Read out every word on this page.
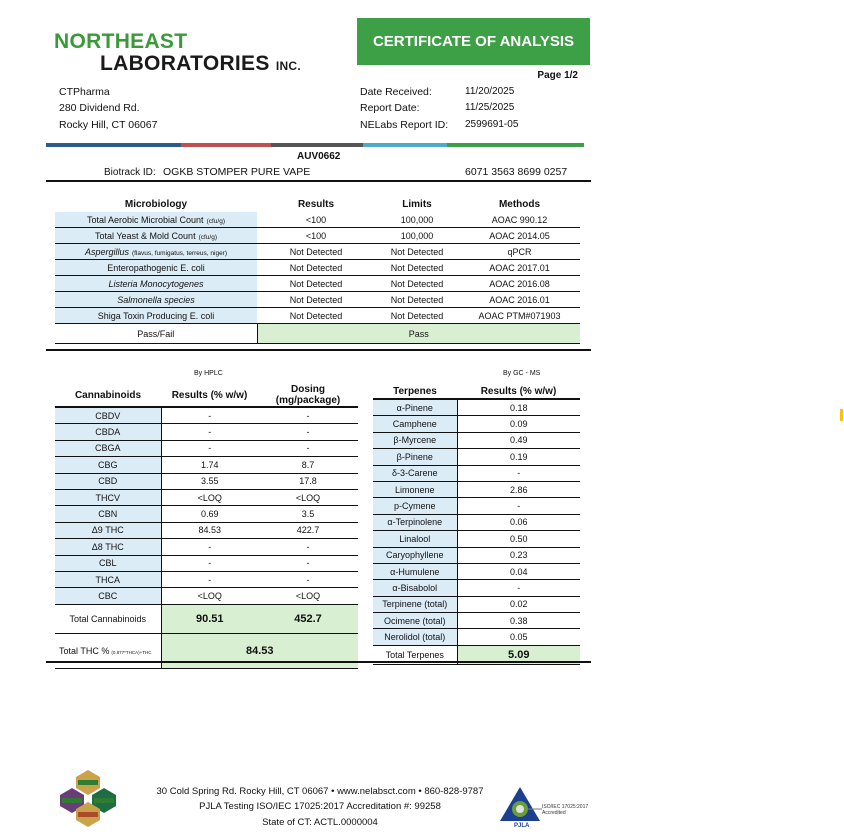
NORTHEAST
LABORATORIES INC.
CERTIFICATE OF ANALYSIS
Page 1/2
CTPharma
280 Dividend Rd.
Rocky Hill, CT 06067
Date Received:	11/20/2025
Report Date:	11/25/2025
NELabs Report ID: 2599691-05
AUV0662
Biotrack ID: OGKB STOMPER PURE VAPE	6071 3563 8699 0257
Microbiology	Results	Limits	Methods
Total Aerobic Microbial Count (cfu/g)	<100	100,000	AOAC 990.12
Total Yeast & Mold Count (cfu/g)	<100	100,000	AOAC 2014.05
Aspergillus (flavus, fumigatus, terreus, niger)	Not Detected	Not Detected	qPCR
Enteropathogenic E. coli	Not Detected	Not Detected	AOAC 2017.01
Listeria Monocytogenes	Not Detected	Not Detected	AOAC 2016.08
Salmonella species	Not Detected	Not Detected	AOAC 2016.01
Shiga Toxin Producing E. coli	Not Detected	Not Detected	AOAC PTM#071903
Pass/Fail	Pass		
By HPLC	By GC - MS
Cannabinoids	Results (% w/w)	Dosing (mg/package)
CBDV	-	-
CBDA	-	-
CBGA	-	-
CBG	1.74	8.7
CBD	3.55	17.8
THCV	<LOQ	<LOQ
CBN	0.69	3.5
Δ9 THC	84.53	422.7
Δ8 THC	-	-
CBL	-	-
THCA	-	-
CBC	<LOQ	<LOQ
Total Cannabinoids	90.51	452.7
Total THC % (0.877*THCA)+THC	84.53	
Terpenes	Results (% w/w)
α-Pinene	0.18
Camphene	0.09
β-Myrcene	0.49
β-Pinene	0.19
δ-3-Carene	-
Limonene	2.86
p-Cymene	-
α-Terpinolene	0.06
Linalool	0.50
Caryophyllene	0.23
α-Humulene	0.04
α-Bisabolol	-
Terpinene (total)	0.02
Ocimene (total)	0.38
Nerolidol (total)	0.05
Total Terpenes	5.09
30 Cold Spring Rd. Rocky Hill, CT 06067 • www.nelabsct.com • 860-828-9787
PJLA Testing ISO/IEC 17025:2017 Accreditation #: 99258
State of CT: ACTL.0000004
ISO/IEC 17025:2017 Accredited
PJLA
